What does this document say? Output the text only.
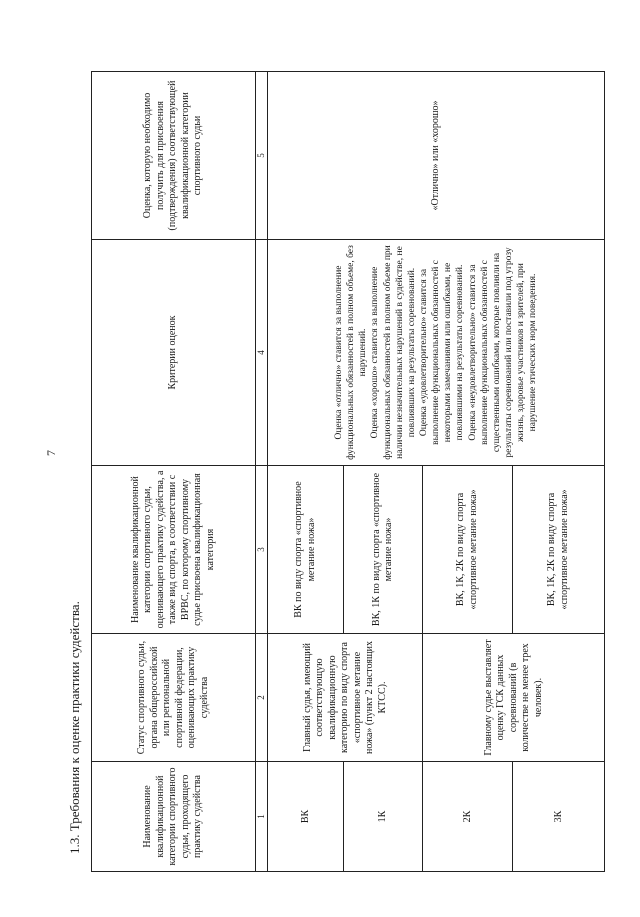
7
1.3. Требования к оценке практики судейства.	Наименование квалификационной категории спортивного судьи, проходящего практику судейства	Статус спортивного судьи, органа общероссийской или региональной спортивной федерации, оценивающих практику судейства	Наименование квалификационной категории спортивного судьи, оценивающего практику судейства, а также вид спорта, в соответствии с ВРВС, по которому спортивному судье присвоена квалификационная категория	Критерии оценок	Оценка, которую необходимо получить для присвоения (подтверждения) соответствующей квалификационной категории спортивного судьи
1	2	3	4	5
ВК	Главный судья, имеющий соответствующую квалификационную категорию по виду спорта «спортивное метание ножа» (пункт 2 настоящих КТСС).	ВК по виду спорта «спортивное метание ножа»	Оценка «отлично» ставится за выполнение функциональных обязанностей в полном объеме, без нарушений. Оценка «хорошо» ставится за выполнение функциональных обязанностей в полном объеме при наличии незначительных нарушений в судействе, не повлиявших на результаты соревнований. Оценка «удовлетворительно» ставится за выполнение функциональных обязанностей с некоторыми замечаниями или ошибками, не повлиявшими на результаты соревнований. Оценка «неудовлетворительно» ставится за выполнение функциональных обязанностей с существенными ошибками, которые повлияли на результаты соревнований или поставили под угрозу жизнь, здоровье участников и зрителей, при нарушение этических норм поведения.	«Отлично» или «хорошо»
1К		ВК, 1К по виду спорта «спортивное метание ножа»		
2К	Главному судье выставляет оценку ГСК данных соревнований (в количестве не менее трех человек).	ВК, 1К, 2К по виду спорта «спортивное метание ножа»		
3К		ВК, 1К, 2К по виду спорта «спортивное метание ножа»		
